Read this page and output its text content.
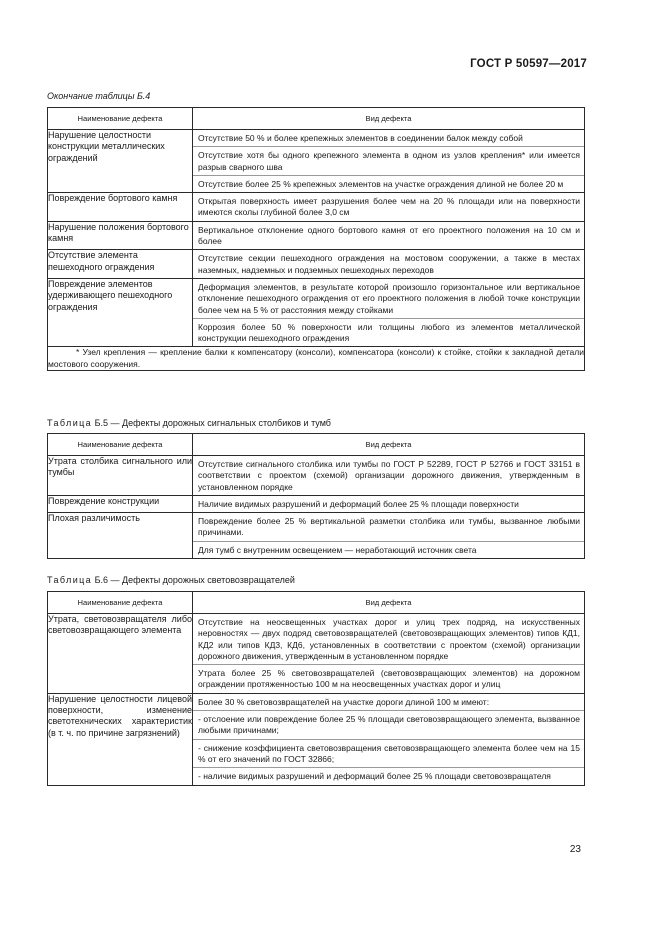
ГОСТ Р 50597—2017
Окончание таблицы Б.4
Наименование дефекта	Вид дефекта
Нарушение целостности конструкции металлических ограждений	Отсутствие 50 % и более крепежных элементов в соединении балок между собой

Отсутствие хотя бы одного крепежного элемента в одном из узлов крепления* или имеется разрыв сварного шва

Отсутствие более 25 % крепежных элементов на участке ограждения длиной не более 20 м

Повреждение бортового камня	Открытая поверхность имеет разрушения более чем на 20 % площади или на поверхности имеются сколы глубиной более 3,0 см

Нарушение положения бортового камня	Вертикальное отклонение одного бортового камня от его проектного положения на 10 см и более

Отсутствие элемента пешеходного ограждения	Отсутствие секции пешеходного ограждения на мостовом сооружении, а также в местах наземных, надземных и подземных пешеходных переходов

Повреждение элементов удерживающего пешеходного ограждения	Деформация элементов, в результате которой произошло горизонтальное или вертикальное отклонение пешеходного ограждения от его проектного положения в любой точке конструкции более чем на 5 % от расстояния между стойками

Коррозия более 50 % поверхности или толщины любого из элементов металлической конструкции пешеходного ограждения

* Узел крепления — крепление балки к компенсатору (консоли), компенсатора (консоли) к стойке, стойки к закладной детали мостового сооружения.	
Таблица Б.5 — Дефекты дорожных сигнальных столбиков и тумб
Наименование дефекта	Вид дефекта
Утрата столбика сигнального или тумбы	Отсутствие сигнального столбика или тумбы по ГОСТ Р 52289, ГОСТ Р 52766 и ГОСТ 33151 в соответствии с проектом (схемой) организации дорожного движения, утвержденным в установленном порядке

Повреждение конструкции	Наличие видимых разрушений и деформаций более 25 % площади поверхности

Плохая различимость	Повреждение более 25 % вертикальной разметки столбика или тумбы, вызванное любыми причинами.

Для тумб с внутренним освещением — неработающий источник света

Таблица Б.6 — Дефекты дорожных световозвращателей
Наименование дефекта	Вид дефекта
Утрата, световозвращателя либо световозвращающего элемента	Отсутствие на неосвещенных участках дорог и улиц трех подряд, на искусственных неровностях — двух подряд световозвращателей (световозвращающих элементов) типов КД1, КД2 или типов КД3, КД6, установленных в соответствии с проектом (схемой) организации дорожного движения, утвержденным в установленном порядке

Утрата более 25 % световозвращателей (световозвращающих элементов) на дорожном ограждении протяженностью 100 м на неосвещенных участках дорог и улиц

Нарушение целостности лицевой поверхности, изменение светотехнических характеристик (в т. ч. по причине загрязнений)	Более 30 % световозвращателей на участке дороги длиной 100 м имеют:

- отслоение или повреждение более 25 % площади световозвращающего элемента, вызванное любыми причинами;

- снижение коэффициента световозвращения световозвращающего элемента более чем на 15 % от его значений по ГОСТ 32866;

- наличие видимых разрушений и деформаций более 25 % площади световозвращателя

23
